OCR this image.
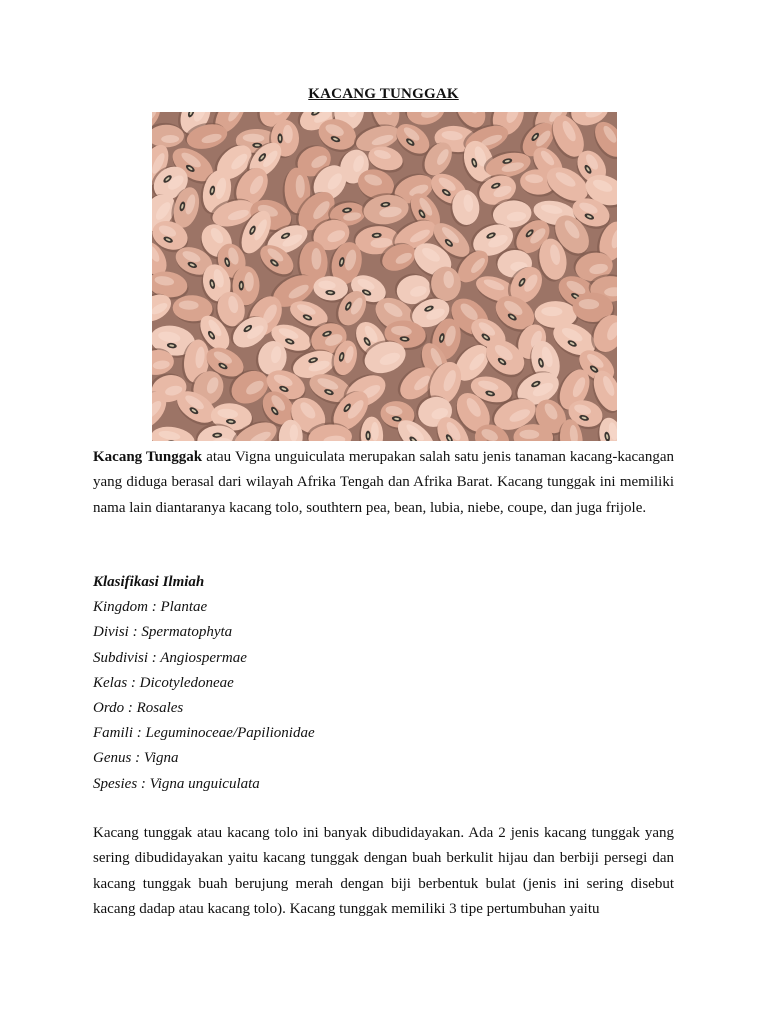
KACANG TUNGGAK
Kacang Tunggak atau Vigna unguiculata merupakan salah satu jenis tanaman kacang-kacangan yang diduga berasal dari wilayah Afrika Tengah dan Afrika Barat. Kacang tunggak ini memiliki nama lain diantaranya kacang tolo, southtern pea, bean, lubia, niebe, coupe, dan juga frijole.
Klasifikasi Ilmiah
Kingdom : Plantae
Divisi : Spermatophyta
Subdivisi : Angiospermae
Kelas : Dicotyledoneae
Ordo : Rosales
Famili : Leguminoceae/Papilionidae
Genus : Vigna
Spesies : Vigna unguiculata
Kacang tunggak atau kacang tolo ini banyak dibudidayakan. Ada 2 jenis kacang tunggak yang sering dibudidayakan yaitu kacang tunggak dengan buah berkulit hijau dan berbiji persegi dan kacang tunggak buah berujung merah dengan biji berbentuk bulat (jenis ini sering disebut kacang dadap atau kacang tolo). Kacang tunggak memiliki 3 tipe pertumbuhan yaitu
